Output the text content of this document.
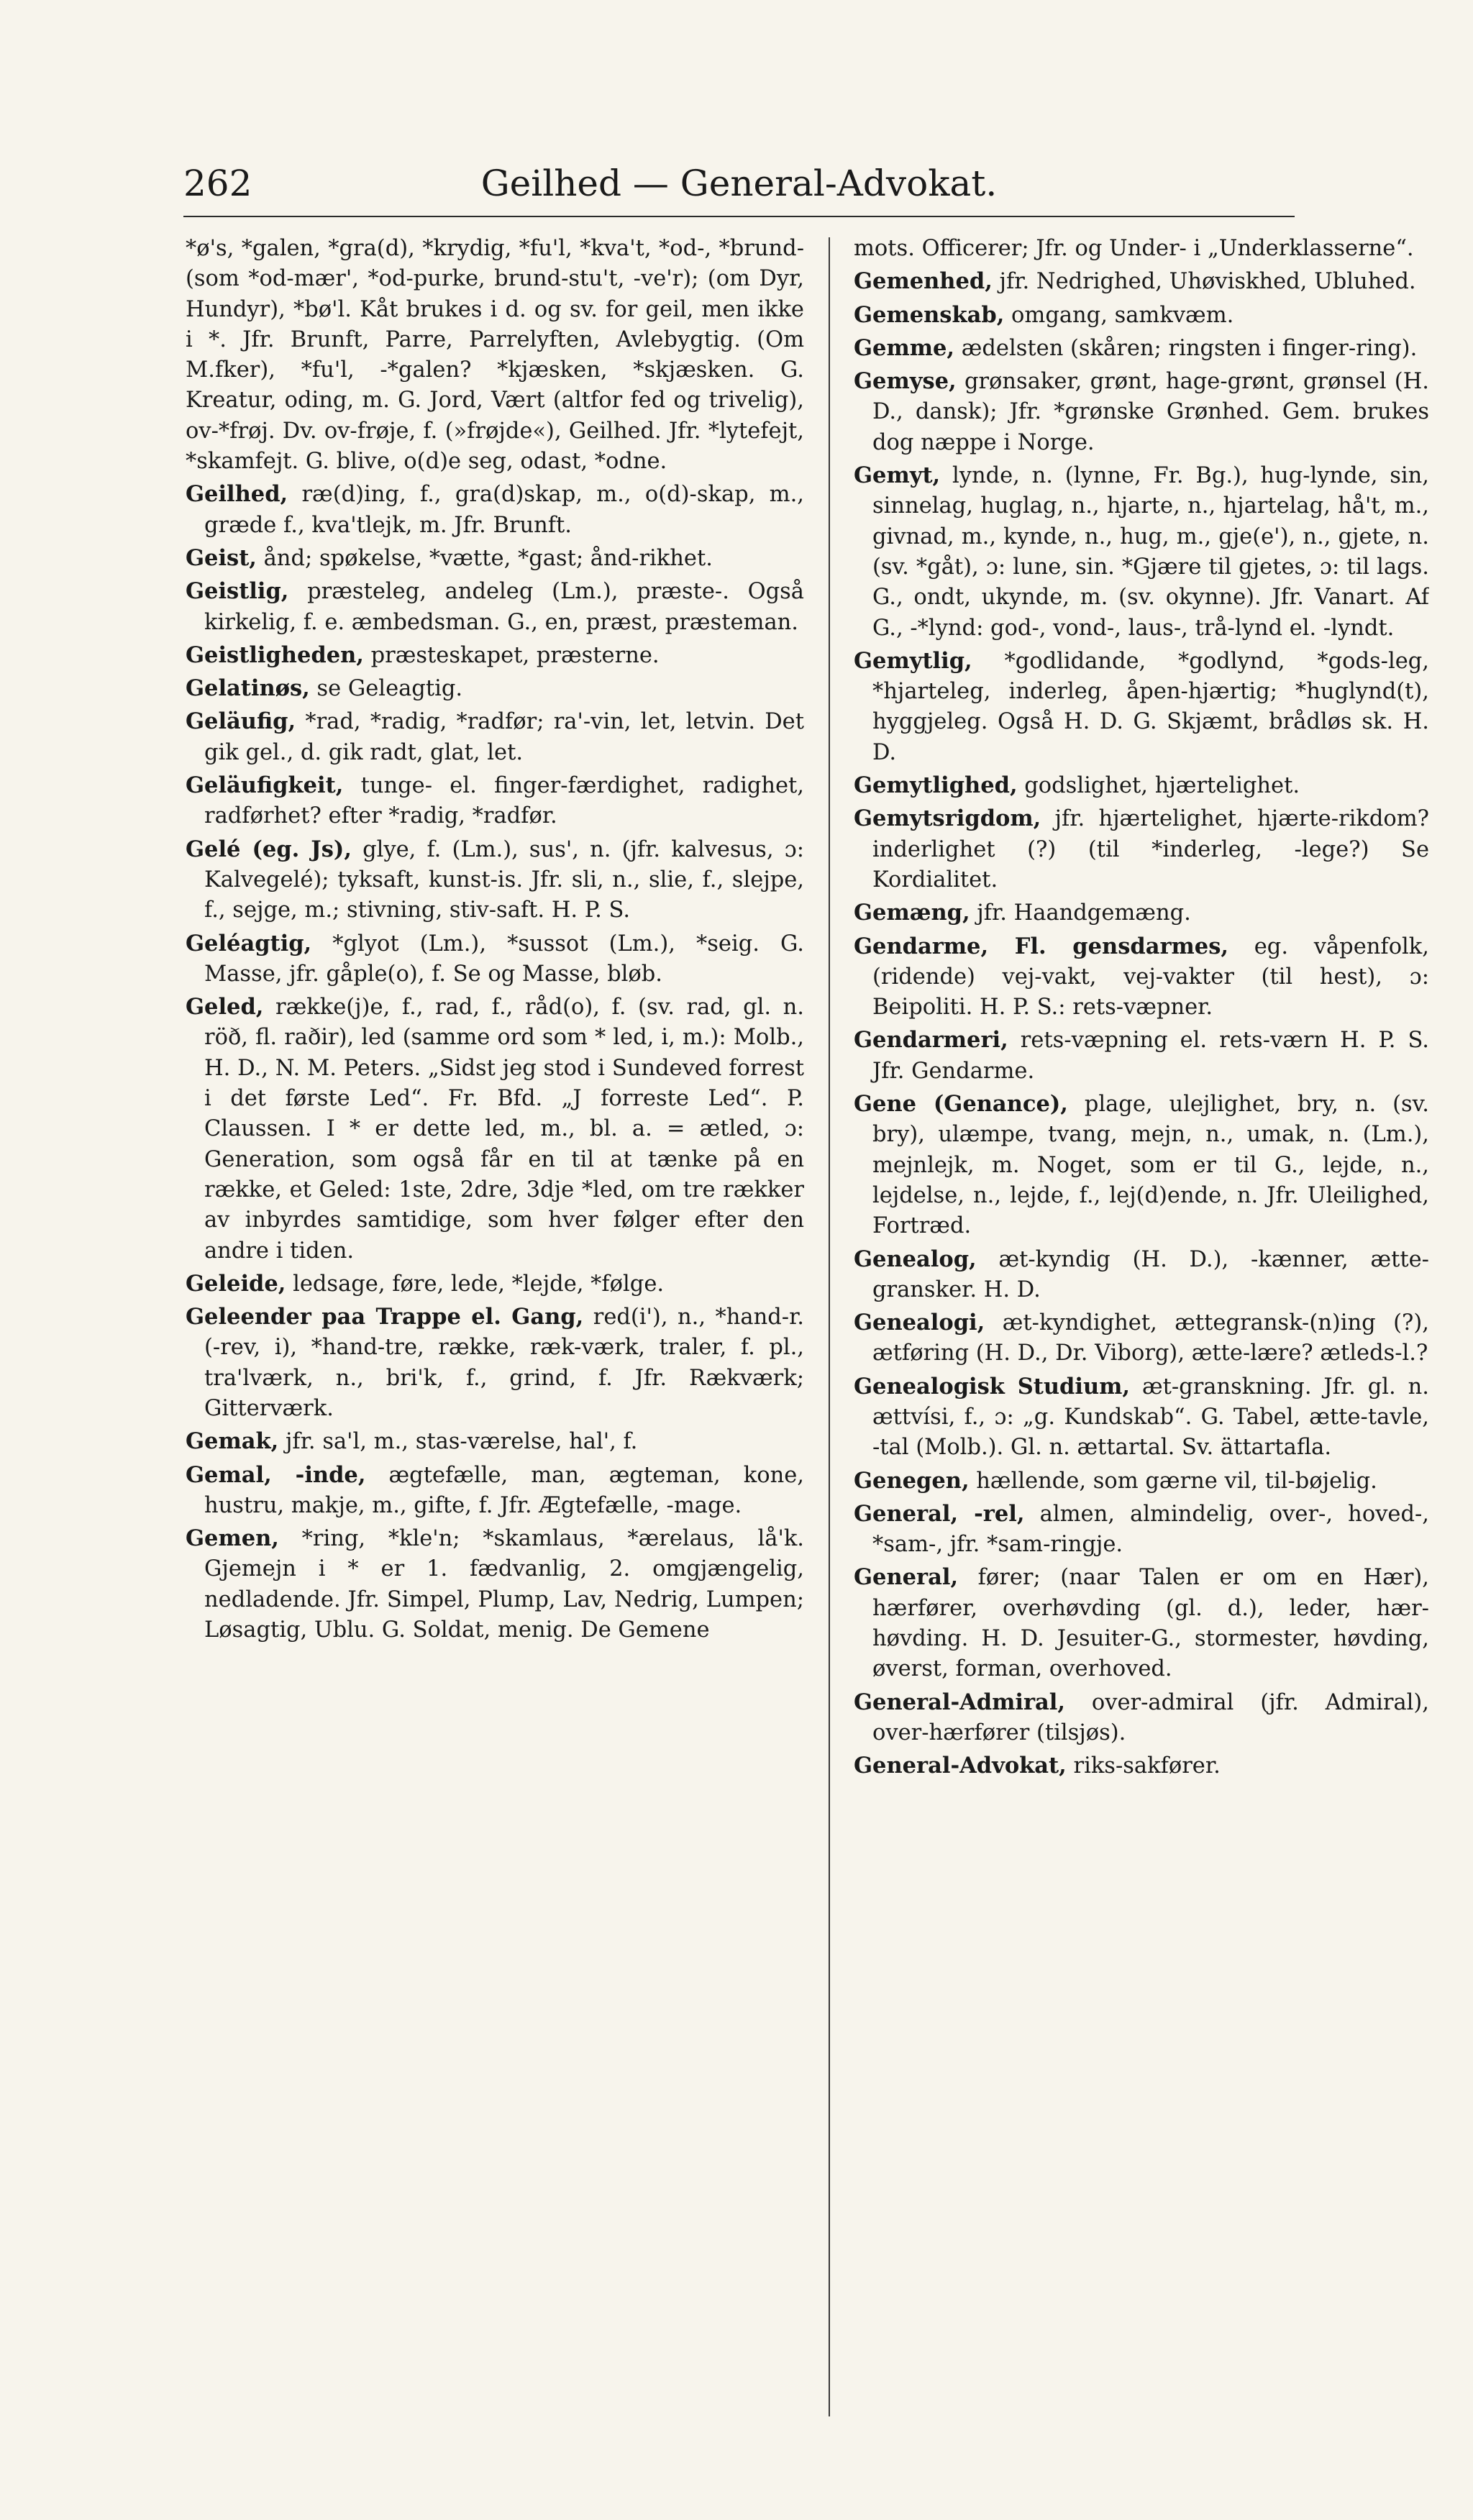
262	Geilhed — General-Advokat.

*ø's, *galen, *gra(d), *krydig, *fu'l, *kva't, *od-, *brund- (som *od-mær', *od-purke, brund-stu't, -ve'r); (om Dyr, Hundyr), *bø'l. Kåt brukes i d. og sv. for geil, men ikke i *. Jfr. Brunft, Parre, Parrelyften, Avlebygtig. (Om M.fker), *fu'l, -*galen? *kjæsken, *skjæsken. G. Kreatur, oding, m. G. Jord, Vært (altfor fed og trivelig), ov-*frøj. Dv. ov-frøje, f. (»frøjde«), Geilhed. Jfr. *lytefejt, *skamfejt. G. blive, o(d)e seg, odast, *odne.

Geilhed, ræ(d)ing, f., gra(d)skap, m., o(d)-skap, m., græde f., kva'tlejk, m. Jfr. Brunft.

Geist, ånd; spøkelse, *vætte, *gast; ånd-rikhet.

Geistlig, præsteleg, andeleg (Lm.), præste-. Også kirkelig, f. e. æmbedsman. G., en, præst, præsteman.

Geistligheden, præsteskapet, præsterne.

Gelatinøs, se Geleagtig.

Geläufig, *rad, *radig, *radfør; ra'-vin, let, letvin. Det gik gel., d. gik radt, glat, let.

Geläufigkeit, tunge- el. finger-færdighet, radighet, radførhet? efter *radig, *radfør.

Gelé (eg. Js), glye, f. (Lm.), sus', n. (jfr. kalvesus, ɔ: Kalvegelé); tyksaft, kunst-is. Jfr. sli, n., slie, f., slejpe, f., sejge, m.; stivning, stiv-saft. H. P. S.

Geléagtig, *glyot (Lm.), *sussot (Lm.), *seig. G. Masse, jfr. gåple(o), f. Se og Masse, bløb.

Geled, række(j)e, f., rad, f., råd(o), f. (sv. rad, gl. n. röð, fl. raðir), led (samme ord som * led, i, m.): Molb., H. D., N. M. Peters. „Sidst jeg stod i Sundeved forrest i det første Led“. Fr. Bfd. „J forreste Led“. P. Claussen. I * er dette led, m., bl. a. = ætled, ɔ: Generation, som også får en til at tænke på en række, et Geled: 1ste, 2dre, 3dje *led, om tre rækker av inbyrdes samtidige, som hver følger efter den andre i tiden.

Geleide, ledsage, føre, lede, *lejde, *følge.

Geleender paa Trappe el. Gang, red(i'), n., *hand-r. (-rev, i), *hand-tre, række, ræk-værk, traler, f. pl., tra'lværk, n., bri'k, f., grind, f. Jfr. Rækværk; Gitterværk.

Gemak, jfr. sa'l, m., stas-værelse, hal', f.

Gemal, -inde, ægtefælle, man, ægteman, kone, hustru, makje, m., gifte, f. Jfr. Ægtefælle, -mage.

Gemen, *ring, *kle'n; *skamlaus, *ærelaus, lå'k. Gjemejn i * er 1. fædvanlig, 2. omgjængelig, nedladende. Jfr. Simpel, Plump, Lav, Nedrig, Lumpen; Løsagtig, Ublu. G. Soldat, menig. De Gemene

mots. Officerer; Jfr. og Under- i „Underklasserne“.

Gemenhed, jfr. Nedrighed, Uhøviskhed, Ubluhed.

Gemenskab, omgang, samkvæm.

Gemme, ædelsten (skåren; ringsten i finger-ring).

Gemyse, grønsaker, grønt, hage-grønt, grønsel (H. D., dansk); Jfr. *grønske Grønhed. Gem. brukes dog næppe i Norge.

Gemyt, lynde, n. (lynne, Fr. Bg.), hug-lynde, sin, sinnelag, huglag, n., hjarte, n., hjartelag, hå't, m., givnad, m., kynde, n., hug, m., gje(e'), n., gjete, n. (sv. *gåt), ɔ: lune, sin. *Gjære til gjetes, ɔ: til lags. G., ondt, ukynde, m. (sv. okynne). Jfr. Vanart. Af G., -*lynd: god-, vond-, laus-, trå-lynd el. -lyndt.

Gemytlig, *godlidande, *godlynd, *gods-leg, *hjarteleg, inderleg, åpen-hjærtig; *huglynd(t), hyggjeleg. Også H. D. G. Skjæmt, brådløs sk. H. D.

Gemytlighed, godslighet, hjærtelighet.

Gemytsrigdom, jfr. hjærtelighet, hjærte-rikdom? inderlighet (?) (til *inderleg, -lege?) Se Kordialitet.

Gemæng, jfr. Haandgemæng.

Gendarme, Fl. gensdarmes, eg. våpenfolk, (ridende) vej-vakt, vej-vakter (til hest), ɔ: Beipoliti. H. P. S.: rets-væpner.

Gendarmeri, rets-væpning el. rets-værn H. P. S. Jfr. Gendarme.

Gene (Genance), plage, ulejlighet, bry, n. (sv. bry), ulæmpe, tvang, mejn, n., umak, n. (Lm.), mejnlejk, m. Noget, som er til G., lejde, n., lejdelse, n., lejde, f., lej(d)ende, n. Jfr. Uleilighed, Fortræd.

Genealog, æt-kyndig (H. D.), -kænner, ætte-gransker. H. D.

Genealogi, æt-kyndighet, ættegransk-(n)ing (?), ætføring (H. D., Dr. Viborg), ætte-lære? ætleds-l.?

Genealogisk Studium, æt-granskning. Jfr. gl. n. ættvísi, f., ɔ: „g. Kundskab“. G. Tabel, ætte-tavle, -tal (Molb.). Gl. n. ættartal. Sv. ättartafla.

Genegen, hællende, som gærne vil, til-bøjelig.

General, -rel, almen, almindelig, over-, hoved-, *sam-, jfr. *sam-ringje.

General, fører; (naar Talen er om en Hær), hærfører, overhøvding (gl. d.), leder, hær-høvding. H. D. Jesuiter-G., stormester, høvding, øverst, forman, overhoved.

General-Admiral, over-admiral (jfr. Admiral), over-hærfører (tilsjøs).

General-Advokat, riks-sakfører.
